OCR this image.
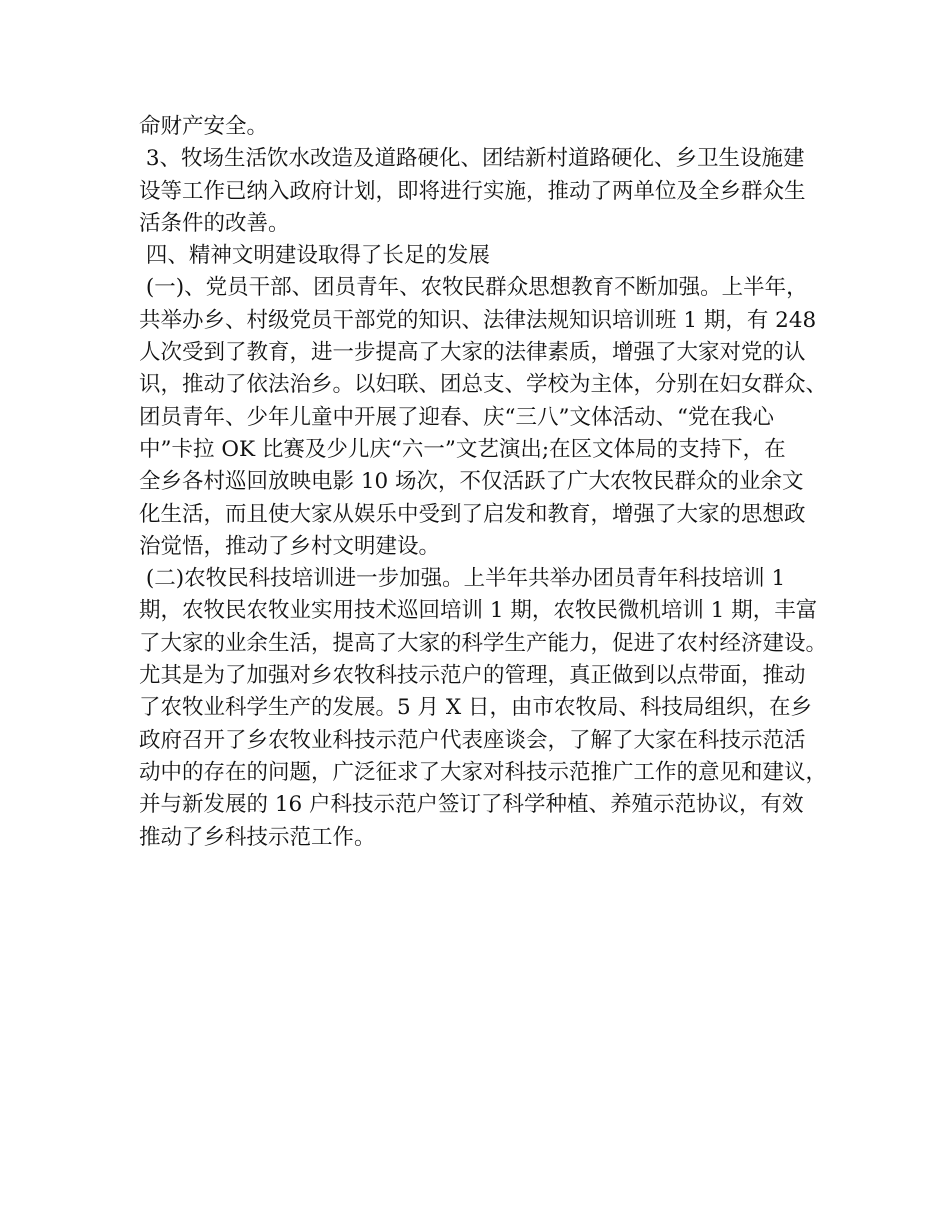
命财产安全。
3、牧场生活饮水改造及道路硬化、团结新村道路硬化、乡卫生设施建
设等工作已纳入政府计划，即将进行实施，推动了两单位及全乡群众生
活条件的改善。
四、精神文明建设取得了长足的发展
(一)、党员干部、团员青年、农牧民群众思想教育不断加强。上半年，
共举办乡、村级党员干部党的知识、法律法规知识培训班 1 期，有 248
人次受到了教育，进一步提高了大家的法律素质，增强了大家对党的认
识，推动了依法治乡。以妇联、团总支、学校为主体，分别在妇女群众、
团员青年、少年儿童中开展了迎春、庆“三八”文体活动、“党在我心
中”卡拉 OK 比赛及少儿庆“六一”文艺演出;在区文体局的支持下，在
全乡各村巡回放映电影 10 场次，不仅活跃了广大农牧民群众的业余文
化生活，而且使大家从娱乐中受到了启发和教育，增强了大家的思想政
治觉悟，推动了乡村文明建设。
(二)农牧民科技培训进一步加强。上半年共举办团员青年科技培训 1
期，农牧民农牧业实用技术巡回培训 1 期，农牧民微机培训 1 期，丰富
了大家的业余生活，提高了大家的科学生产能力，促进了农村经济建设。
尤其是为了加强对乡农牧科技示范户的管理，真正做到以点带面，推动
了农牧业科学生产的发展。5 月 X 日，由市农牧局、科技局组织，在乡
政府召开了乡农牧业科技示范户代表座谈会，了解了大家在科技示范活
动中的存在的问题，广泛征求了大家对科技示范推广工作的意见和建议，
并与新发展的 16 户科技示范户签订了科学种植、养殖示范协议，有效
推动了乡科技示范工作。
